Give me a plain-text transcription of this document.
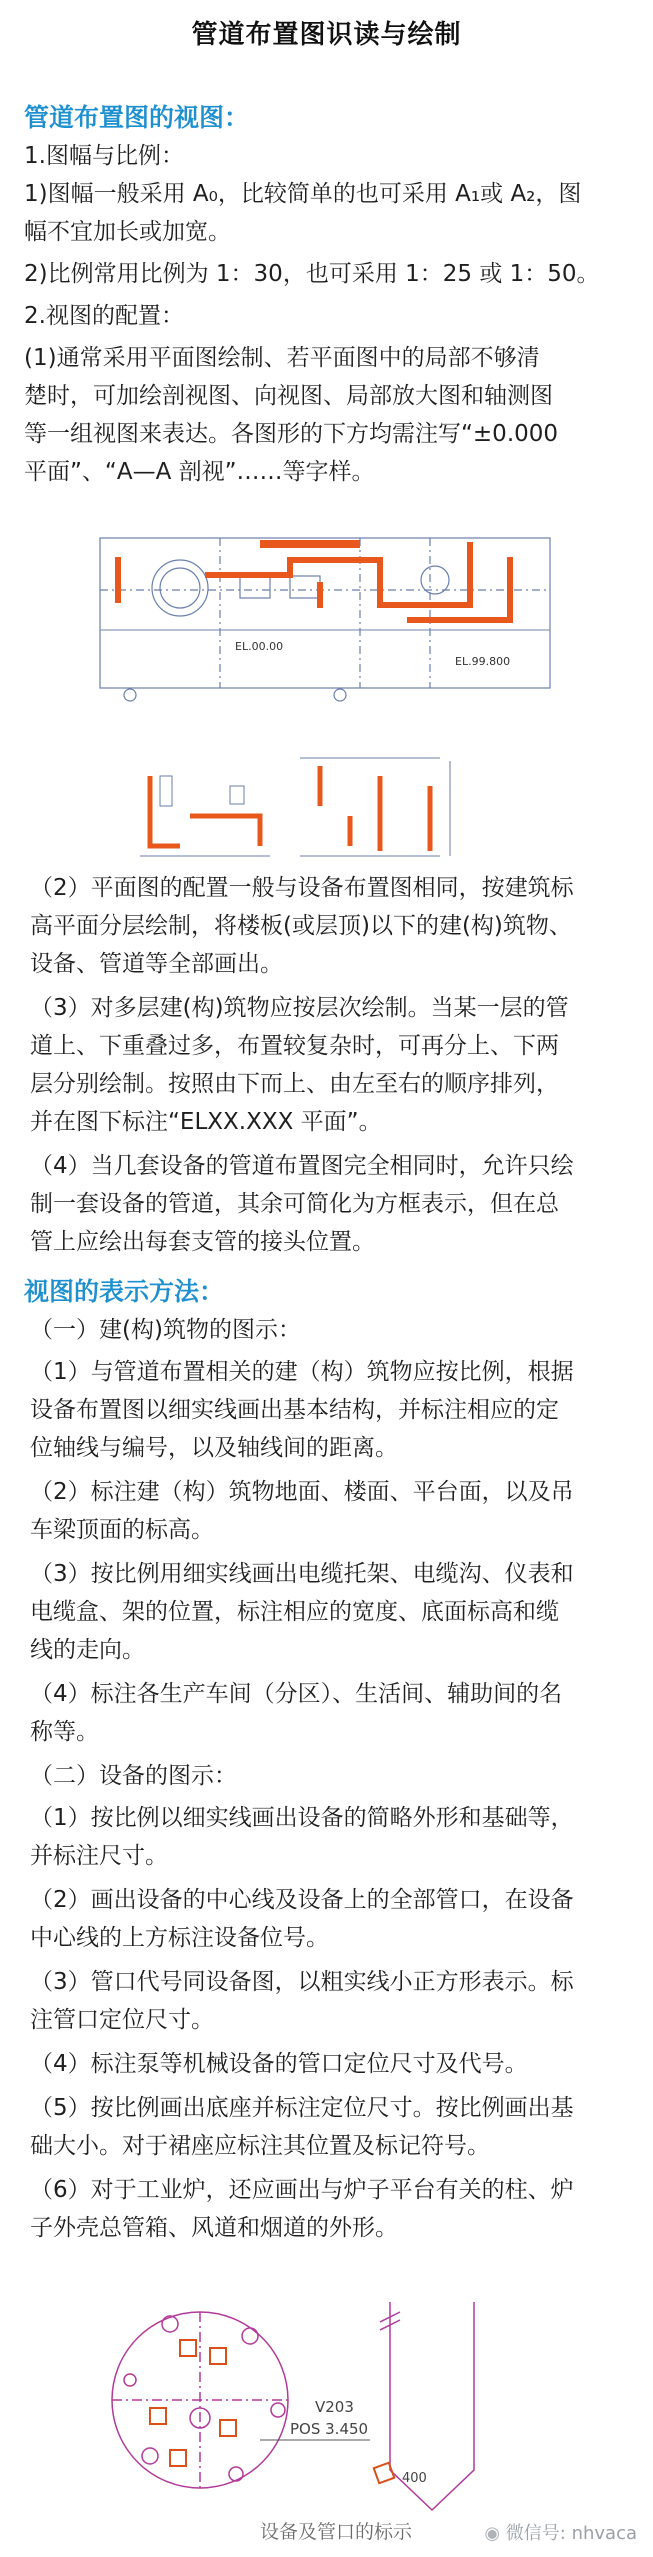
管道布置图识读与绘制
管道布置图的视图：
1.图幅与比例：
1)图幅一般采用 A₀，比较简单的也可采用 A₁或 A₂，图
幅不宜加长或加宽。
2)比例常用比例为 1：30，也可采用 1：25 或 1：50。
2.视图的配置：
(1)通常采用平面图绘制、若平面图中的局部不够清
楚时，可加绘剖视图、向视图、局部放大图和轴测图
等一组视图来表达。各图形的下方均需注写“±0.000
平面”、“A—A 剖视”……等字样。
EL.00.00
EL.99.800
（2）平面图的配置一般与设备布置图相同，按建筑标
高平面分层绘制，将楼板(或层顶)以下的建(构)筑物、
设备、管道等全部画出。
（3）对多层建(构)筑物应按层次绘制。当某一层的管
道上、下重叠过多，布置较复杂时，可再分上、下两
层分别绘制。按照由下而上、由左至右的顺序排列，
并在图下标注“ELXX.XXX 平面”。
（4）当几套设备的管道布置图完全相同时，允许只绘
制一套设备的管道，其余可简化为方框表示，但在总
管上应绘出每套支管的接头位置。
视图的表示方法：
（一）建(构)筑物的图示：
（1）与管道布置相关的建（构）筑物应按比例，根据
设备布置图以细实线画出基本结构，并标注相应的定
位轴线与编号，以及轴线间的距离。
（2）标注建（构）筑物地面、楼面、平台面，以及吊
车梁顶面的标高。
（3）按比例用细实线画出电缆托架、电缆沟、仪表和
电缆盒、架的位置，标注相应的宽度、底面标高和缆
线的走向。
（4）标注各生产车间（分区）、生活间、辅助间的名
称等。
（二）设备的图示：
（1）按比例以细实线画出设备的简略外形和基础等，
并标注尺寸。
（2）画出设备的中心线及设备上的全部管口，在设备
中心线的上方标注设备位号。
（3）管口代号同设备图，以粗实线小正方形表示。标
注管口定位尺寸。
（4）标注泵等机械设备的管口定位尺寸及代号。
（5）按比例画出底座并标注定位尺寸。按比例画出基
础大小。对于裙座应标注其位置及标记符号。
（6）对于工业炉，还应画出与炉子平台有关的柱、炉
子外壳总管箱、风道和烟道的外形。
V203
POS 3.450
400
设备及管口的标示	◉ 微信号: nhvaca
